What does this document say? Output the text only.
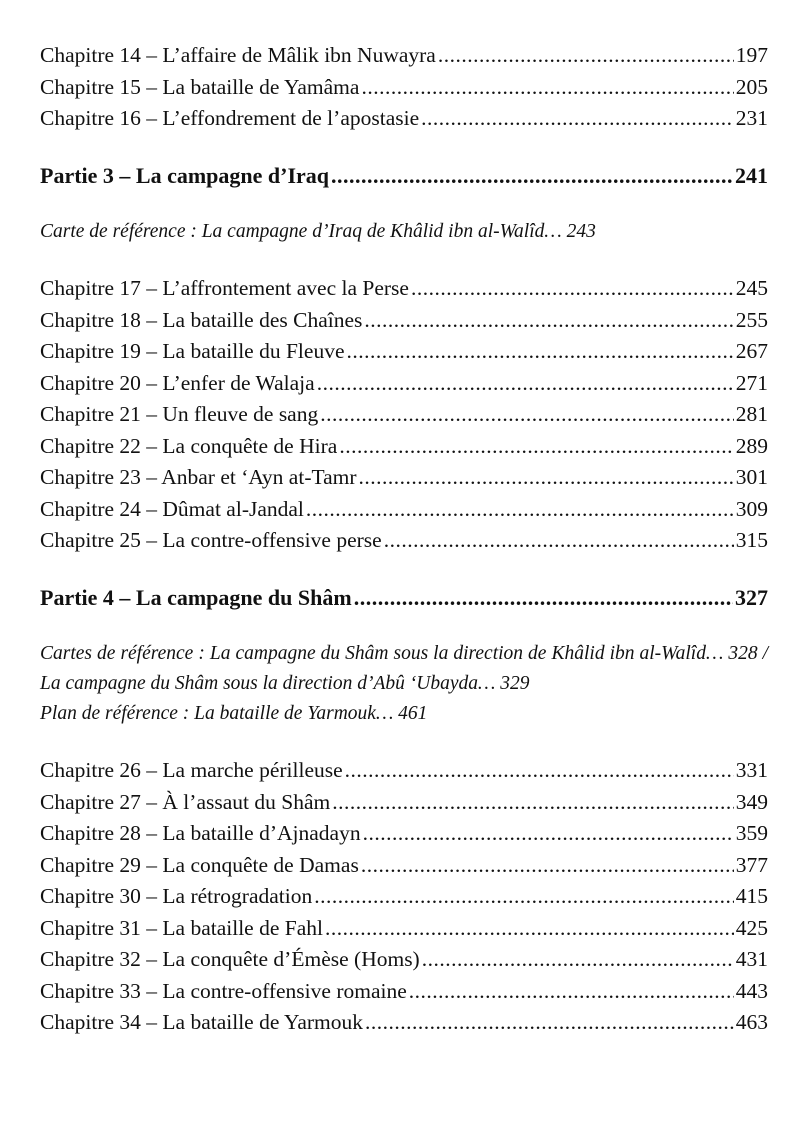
Chapitre 14 – L’affaire de Mâlik ibn Nuwayra .....	197
Chapitre 15 – La bataille de Yamâma .....	205
Chapitre 16 – L’effondrement de l’apostasie .....	231
Partie 3 – La campagne d’Iraq .....	241
Carte de référence : La campagne d’Iraq de Khâlid ibn al-Walîd… 243
Chapitre 17 – L’affrontement avec la Perse .....	245
Chapitre 18 – La bataille des Chaînes .....	255
Chapitre 19 – La bataille du Fleuve .....	267
Chapitre 20 – L’enfer de Walaja .....	271
Chapitre 21 – Un fleuve de sang .....	281
Chapitre 22 – La conquête de Hira .....	289
Chapitre 23 – Anbar et ‘Ayn at-Tamr .....	301
Chapitre 24 – Dûmat al-Jandal .....	309
Chapitre 25 – La contre-offensive perse .....	315
Partie 4 – La campagne du Shâm .....	327
Cartes de référence : La campagne du Shâm sous la direction de Khâlid ibn al-Walîd… 328 / La campagne du Shâm sous la direction d’Abû ‘Ubayda… 329
Plan de référence : La bataille de Yarmouk… 461
Chapitre 26 – La marche périlleuse .....	331
Chapitre 27 – À l’assaut du Shâm .....	349
Chapitre 28 – La bataille d’Ajnadayn .....	359
Chapitre 29 – La conquête de Damas .....	377
Chapitre 30 – La rétrogradation .....	415
Chapitre 31 – La bataille de Fahl .....	425
Chapitre 32 – La conquête d’Émèse (Homs) .....	431
Chapitre 33 – La contre-offensive romaine .....	443
Chapitre 34 – La bataille de Yarmouk .....	463
